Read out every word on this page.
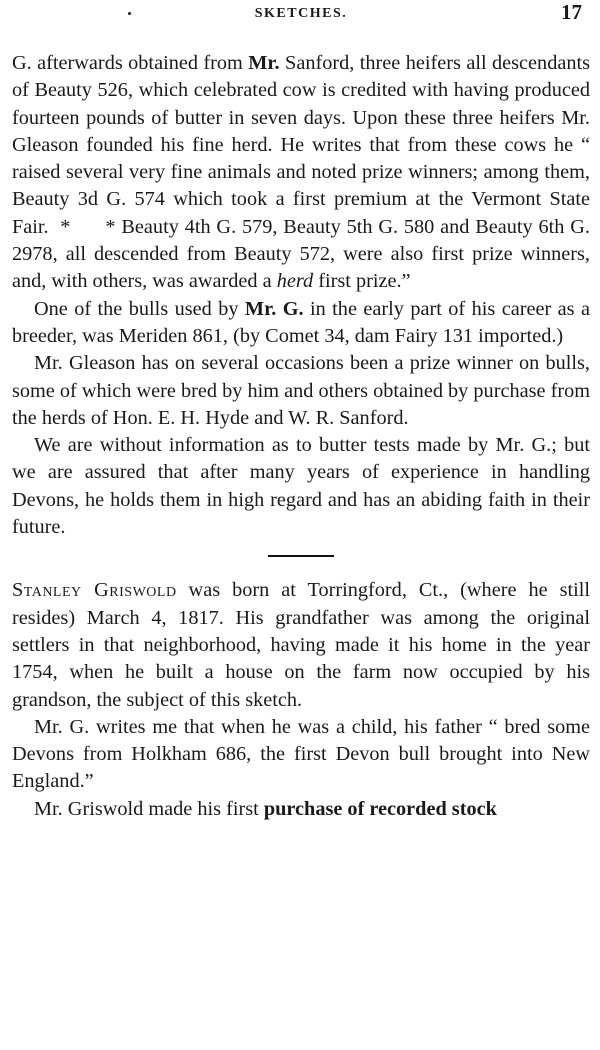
SKETCHES.	17

G. afterwards obtained from Mr. Sanford, three heifers all descendants of Beauty 526, which celebrated cow is credited with having produced fourteen pounds of butter in seven days. Upon these three heifers Mr. Gleason founded his fine herd. He writes that from these cows he “ raised several very fine animals and noted prize winners; among them, Beauty 3d G. 574 which took a first premium at the Vermont State Fair.  *      * Beauty 4th G. 579, Beauty 5th G. 580 and Beauty 6th G. 2978, all descended from Beauty 572, were also first prize winners, and, with others, was awarded a herd first prize.”

One of the bulls used by Mr. G. in the early part of his career as a breeder, was Meriden 861, (by Comet 34, dam Fairy 131 imported.)

Mr. Gleason has on several occasions been a prize winner on bulls, some of which were bred by him and others obtained by purchase from the herds of Hon. E. H. Hyde and W. R. Sanford.

We are without information as to butter tests made by Mr. G.; but we are assured that after many years of experience in handling Devons, he holds them in high regard and has an abiding faith in their future.

Stanley Griswold was born at Torringford, Ct., (where he still resides) March 4, 1817. His grandfather was among the original settlers in that neighborhood, having made it his home in the year 1754, when he built a house on the farm now occupied by his grandson, the subject of this sketch.

Mr. G. writes me that when he was a child, his father “ bred some Devons from Holkham 686, the first Devon bull brought into New England.”

Mr. Griswold made his first purchase of recorded stock
